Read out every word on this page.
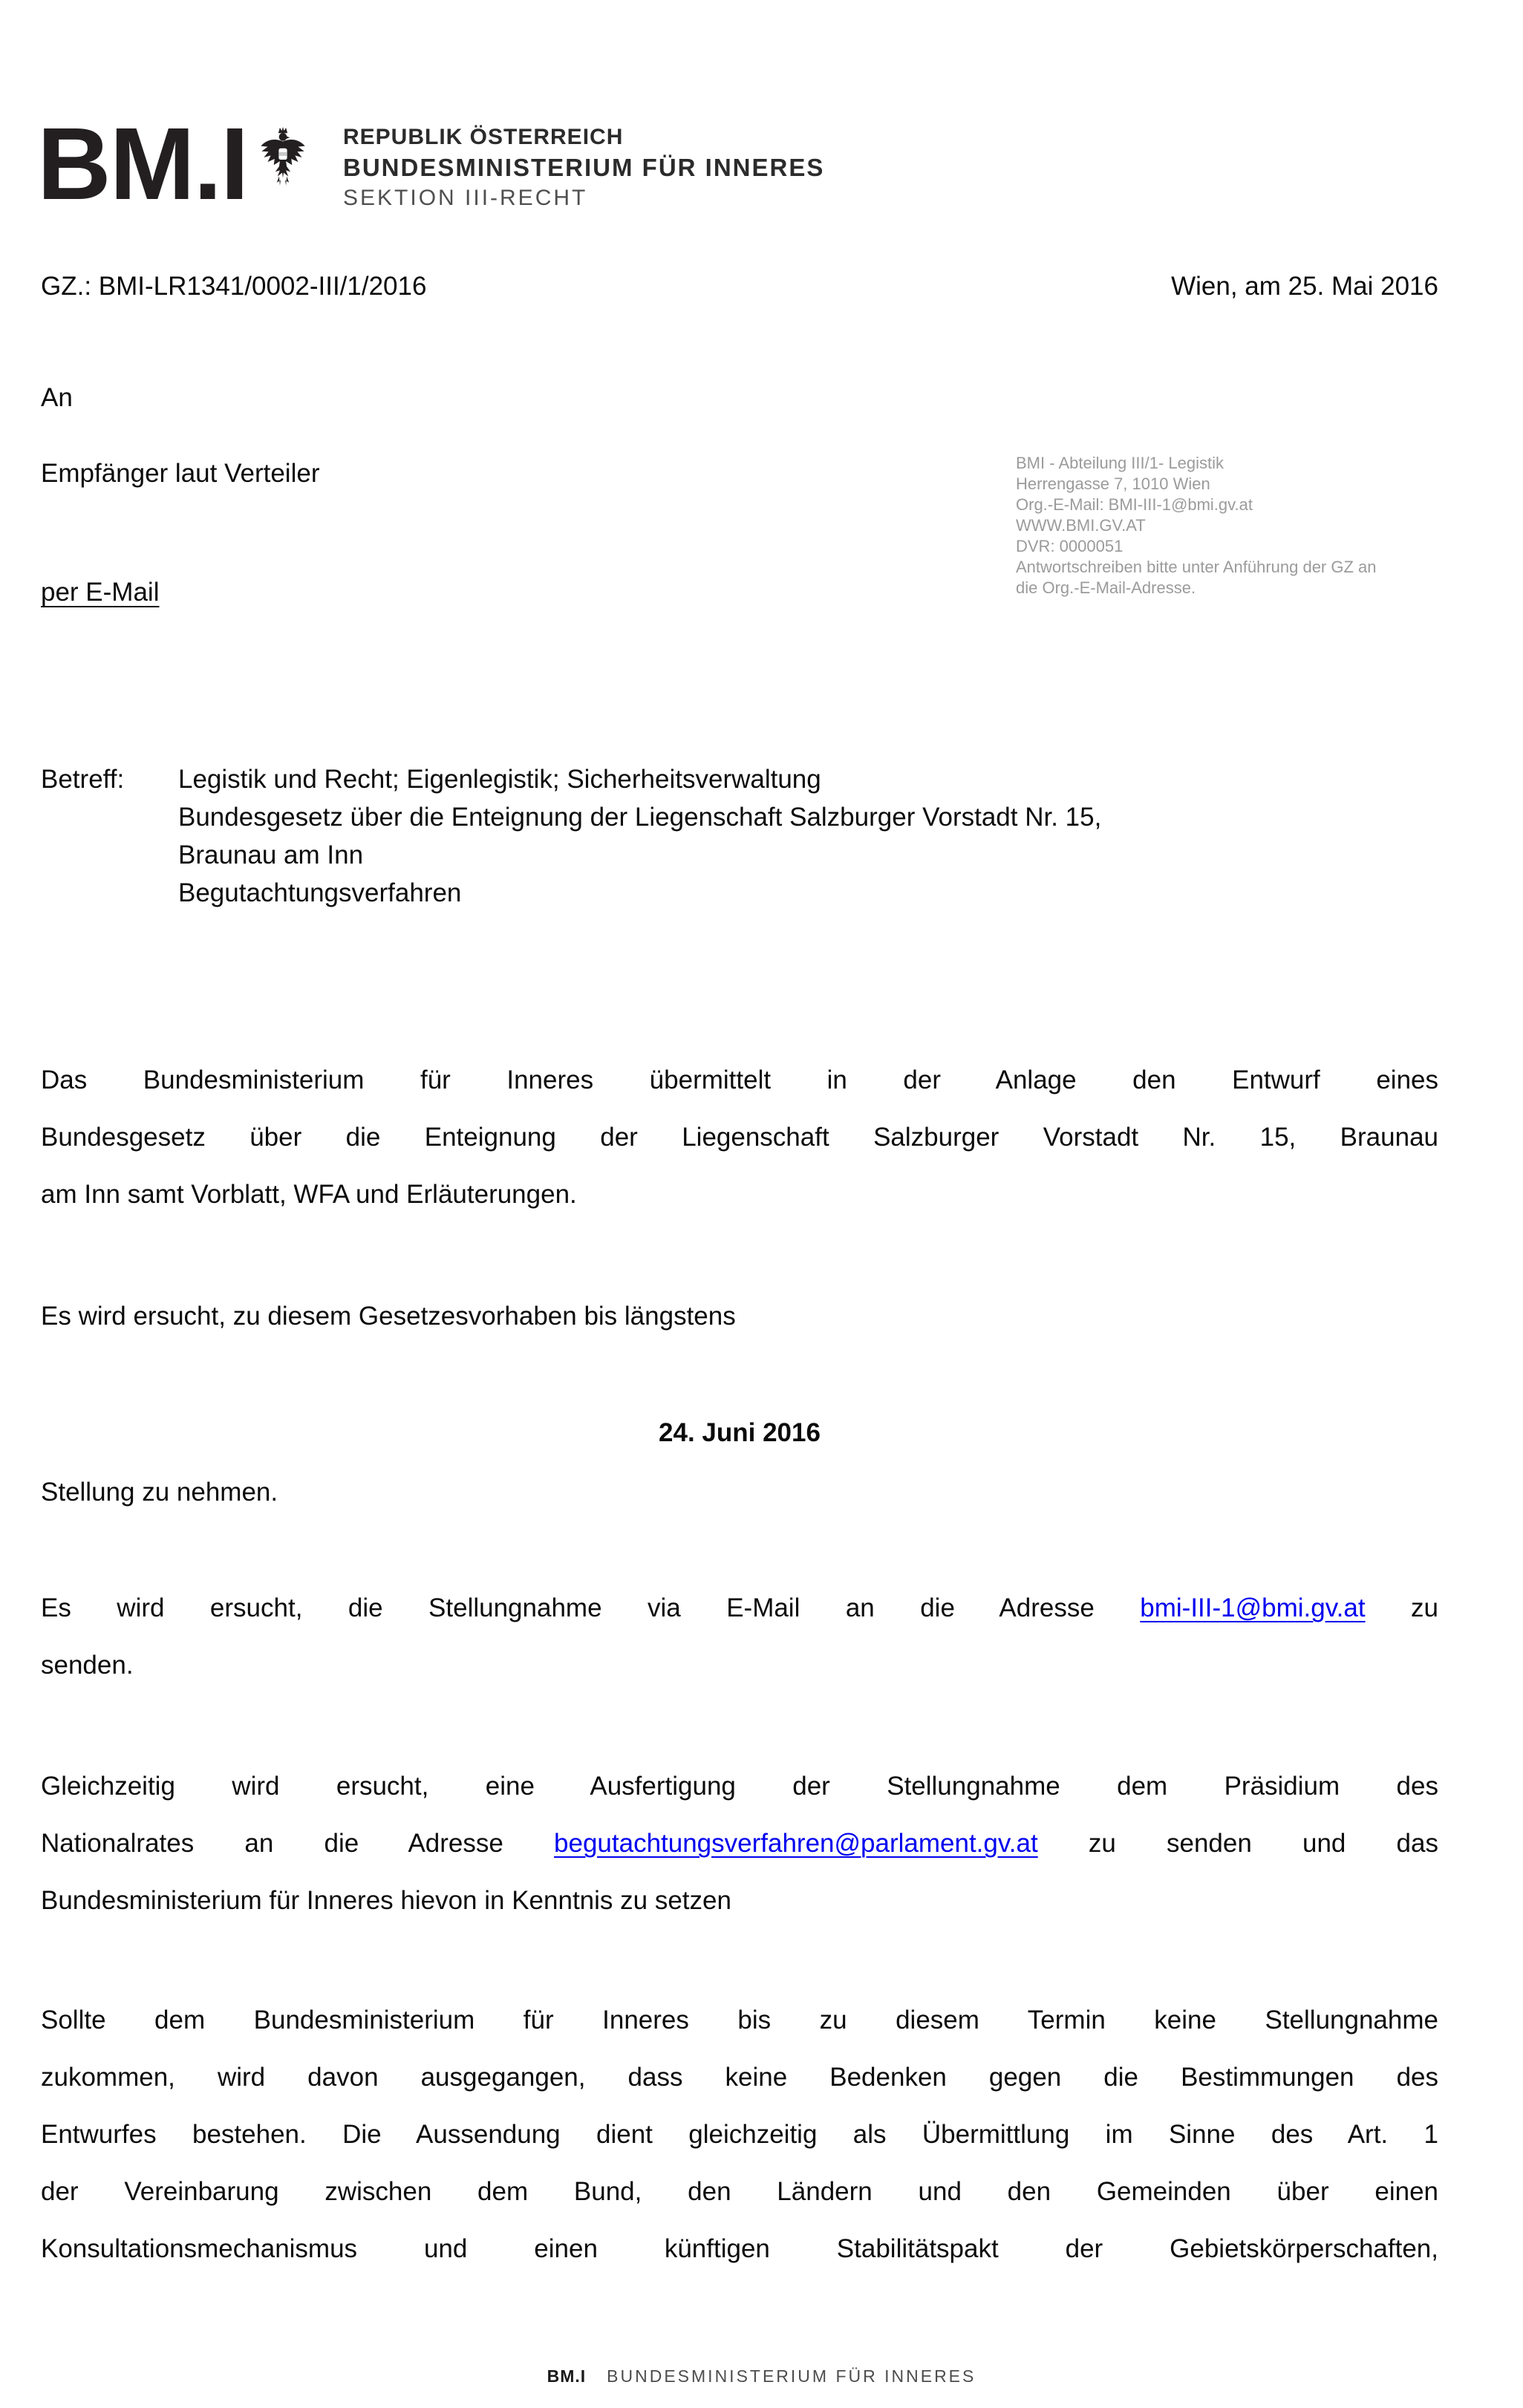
BM.I	REPUBLIK ÖSTERREICH
BUNDESMINISTERIUM FÜR INNERES
SEKTION III-RECHT
GZ.: BMI-LR1341/0002-III/1/2016	Wien, am 25. Mai 2016
An
Empfänger laut Verteiler
per E-Mail
BMI - Abteilung III/1- Legistik
Herrengasse 7, 1010 Wien
Org.-E-Mail: BMI-III-1@bmi.gv.at
WWW.BMI.GV.AT
DVR: 0000051
Antwortschreiben bitte unter Anführung der GZ an
die Org.-E-Mail-Adresse.
Betreff: Legistik und Recht; Eigenlegistik; Sicherheitsverwaltung
Bundesgesetz über die Enteignung der Liegenschaft Salzburger Vorstadt Nr. 15,
Braunau am Inn
Begutachtungsverfahren
Das Bundesministerium für Inneres übermittelt in der Anlage den Entwurf eines
Bundesgesetz über die Enteignung der Liegenschaft Salzburger Vorstadt Nr. 15, Braunau
am Inn samt Vorblatt, WFA und Erläuterungen.
Es wird ersucht, zu diesem Gesetzesvorhaben bis längstens
24. Juni 2016
Stellung zu nehmen.
Es wird ersucht, die Stellungnahme via E-Mail an die Adresse bmi-III-1@bmi.gv.at zu
senden.
Gleichzeitig wird ersucht, eine Ausfertigung der Stellungnahme dem Präsidium des
Nationalrates an die Adresse begutachtungsverfahren@parlament.gv.at zu senden und das
Bundesministerium für Inneres hievon in Kenntnis zu setzen
Sollte dem Bundesministerium für Inneres bis zu diesem Termin keine Stellungnahme
zukommen, wird davon ausgegangen, dass keine Bedenken gegen die Bestimmungen des
Entwurfes bestehen. Die Aussendung dient gleichzeitig als Übermittlung im Sinne des Art. 1
der Vereinbarung zwischen dem Bund, den Ländern und den Gemeinden über einen
Konsultationsmechanismus und einen künftigen Stabilitätspakt der Gebietskörperschaften,
BM.I BUNDESMINISTERIUM FÜR INNERES
